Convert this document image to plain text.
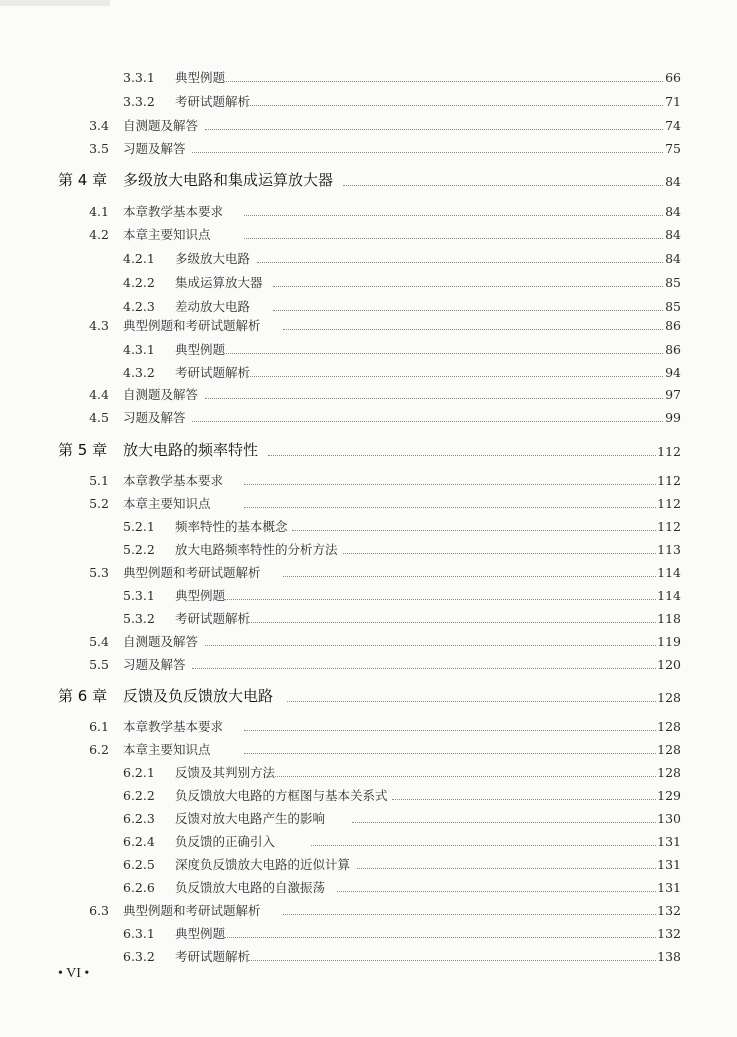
3.3.1	典型例题	66
3.3.2	考研试题解析	71
3.4 自测题及解答	74
3.5 习题及解答	75
第 4 章 多级放大电路和集成运算放大器	84
4.1 本章教学基本要求	84
4.2 本章主要知识点	84
4.2.1	多级放大电路	84
4.2.2	集成运算放大器	85
4.2.3	差动放大电路	85
4.3 典型例题和考研试题解析	86
4.3.1	典型例题	86
4.3.2	考研试题解析	94
4.4 自测题及解答	97
4.5 习题及解答	99
第 5 章 放大电路的频率特性	112
5.1 本章教学基本要求	112
5.2 本章主要知识点	112
5.2.1	频率特性的基本概念	112
5.2.2	放大电路频率特性的分析方法	113
5.3 典型例题和考研试题解析	114
5.3.1	典型例题	114
5.3.2	考研试题解析	118
5.4 自测题及解答	119
5.5 习题及解答	120
第 6 章 反馈及负反馈放大电路	128
6.1 本章教学基本要求	128
6.2 本章主要知识点	128
6.2.1	反馈及其判别方法	128
6.2.2	负反馈放大电路的方框图与基本关系式	129
6.2.3	反馈对放大电路产生的影响	130
6.2.4	负反馈的正确引入	131
6.2.5	深度负反馈放大电路的近似计算	131
6.2.6	负反馈放大电路的自激振荡	131
6.3 典型例题和考研试题解析	132
6.3.1	典型例题	132
6.3.2	考研试题解析	138
• VI •
